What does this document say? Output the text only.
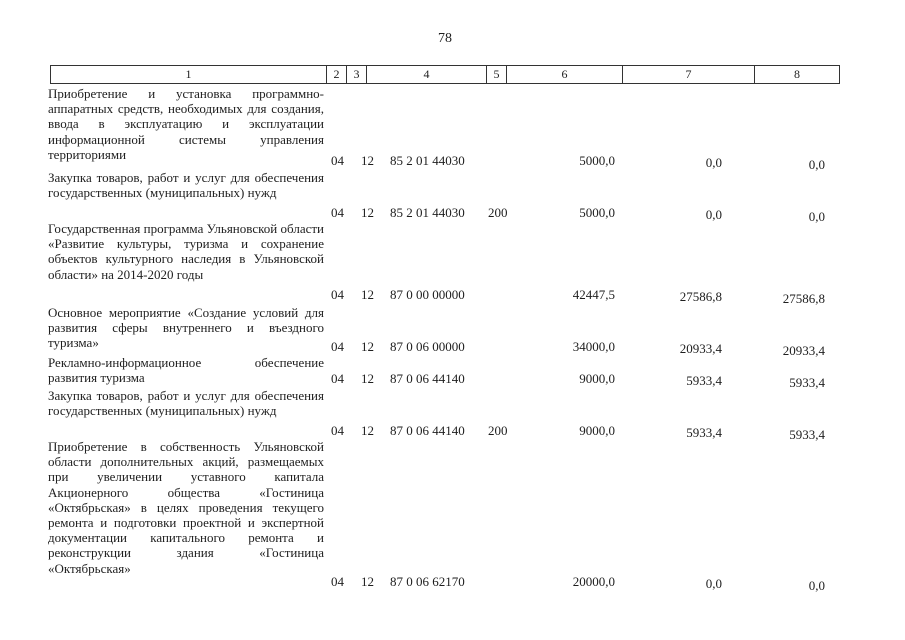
78
1	2	3	4	5	6	7	8
Приобретение и установка программно-аппаратных средств, необходимых для создания, ввода в эксплуатацию и эксплуатации информационной системы управления территориями	04 12 85 2 01 44030	5000,0	0,0	0,0
Закупка товаров, работ и услуг для обеспечения государственных (муниципальных) нужд
04 12 85 2 01 44030 200	5000,0	0,0	0,0
Государственная программа Ульяновской области «Развитие культуры, туризма и сохранение объектов культурного наследия в Ульяновской области» на 2014-2020 годы
04 12 87 0 00 00000	42447,5	27586,8	27586,8
Основное мероприятие «Создание условий для развития сферы внутреннего и въездного туризма»	04 12 87 0 06 00000	34000,0	20933,4	20933,4
Рекламно-информационное обеспечение развития туризма	04 12 87 0 06 44140	9000,0	5933,4	5933,4
Закупка товаров, работ и услуг для обеспечения государственных (муниципальных) нужд
04 12 87 0 06 44140 200	9000,0	5933,4	5933,4
Приобретение в собственность Ульяновской области дополнительных акций, размещаемых при увеличении уставного капитала Акционерного общества «Гостиница «Октябрьская» в целях проведения текущего ремонта и подготовки проектной и экспертной документации капитального ремонта и реконструкции здания «Гостиница «Октябрьская»
04 12 87 0 06 62170	20000,0	0,0	0,0
